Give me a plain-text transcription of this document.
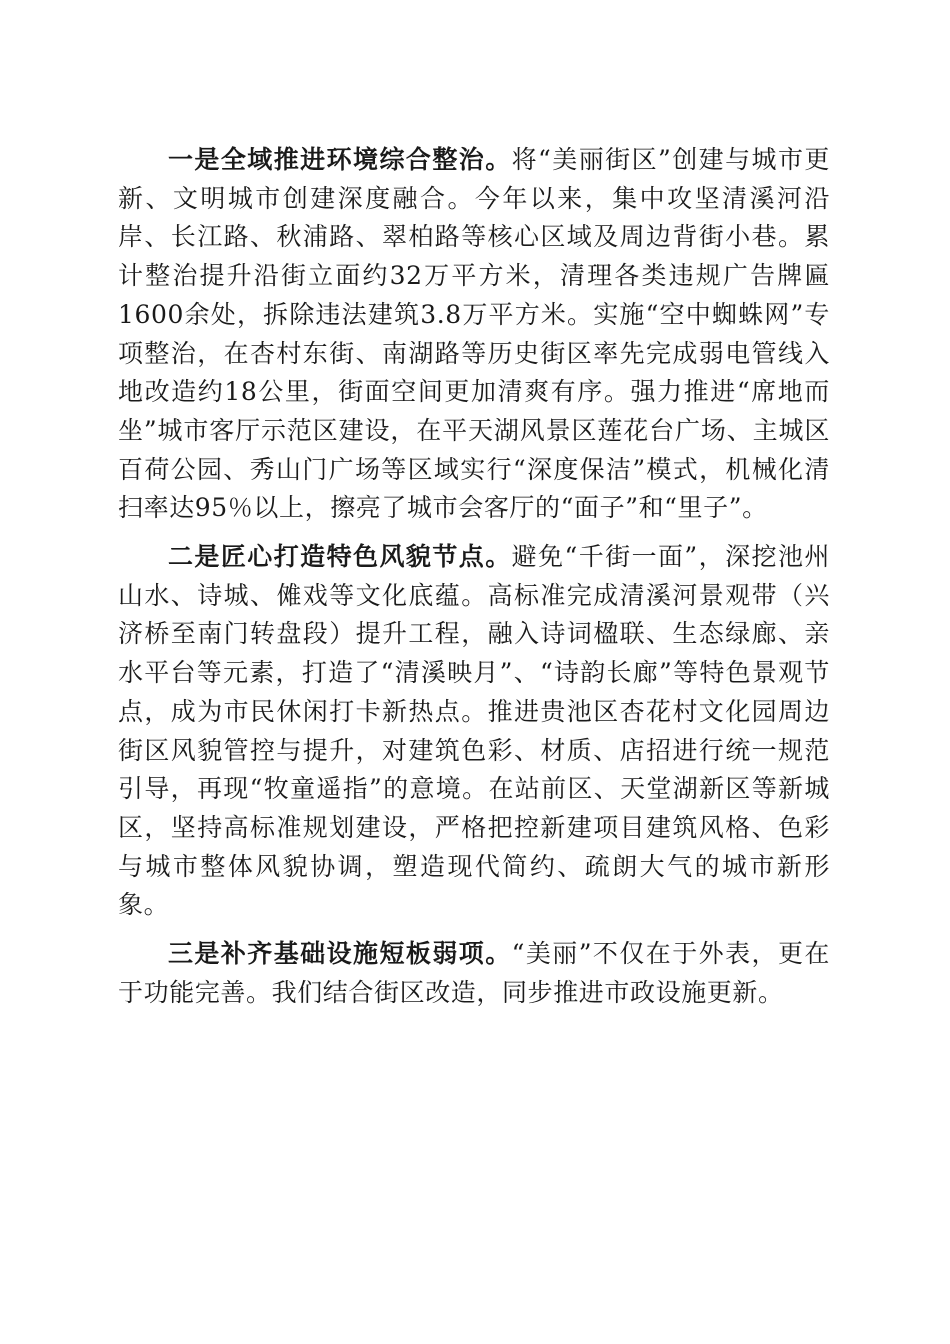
一是全域推进环境综合整治。将“美丽街区”创建与城市更新、文明城市创建深度融合。今年以来，集中攻坚清溪河沿岸、长江路、秋浦路、翠柏路等核心区域及周边背街小巷。累计整治提升沿街立面约32万平方米，清理各类违规广告牌匾1600余处，拆除违法建筑3.8万平方米。实施“空中蜘蛛网”专项整治，在杏村东街、南湖路等历史街区率先完成弱电管线入地改造约18公里，街面空间更加清爽有序。强力推进“席地而坐”城市客厅示范区建设，在平天湖风景区莲花台广场、主城区百荷公园、秀山门广场等区域实行“深度保洁”模式，机械化清扫率达95％以上，擦亮了城市会客厅的“面子”和“里子”。

二是匠心打造特色风貌节点。避免“千街一面”，深挖池州山水、诗城、傩戏等文化底蕴。高标准完成清溪河景观带（兴济桥至南门转盘段）提升工程，融入诗词楹联、生态绿廊、亲水平台等元素，打造了“清溪映月”、“诗韵长廊”等特色景观节点，成为市民休闲打卡新热点。推进贵池区杏花村文化园周边街区风貌管控与提升，对建筑色彩、材质、店招进行统一规范引导，再现“牧童遥指”的意境。在站前区、天堂湖新区等新城区，坚持高标准规划建设，严格把控新建项目建筑风格、色彩与城市整体风貌协调，塑造现代简约、疏朗大气的城市新形象。

三是补齐基础设施短板弱项。“美丽”不仅在于外表，更在于功能完善。我们结合街区改造，同步推进市政设施更新。
